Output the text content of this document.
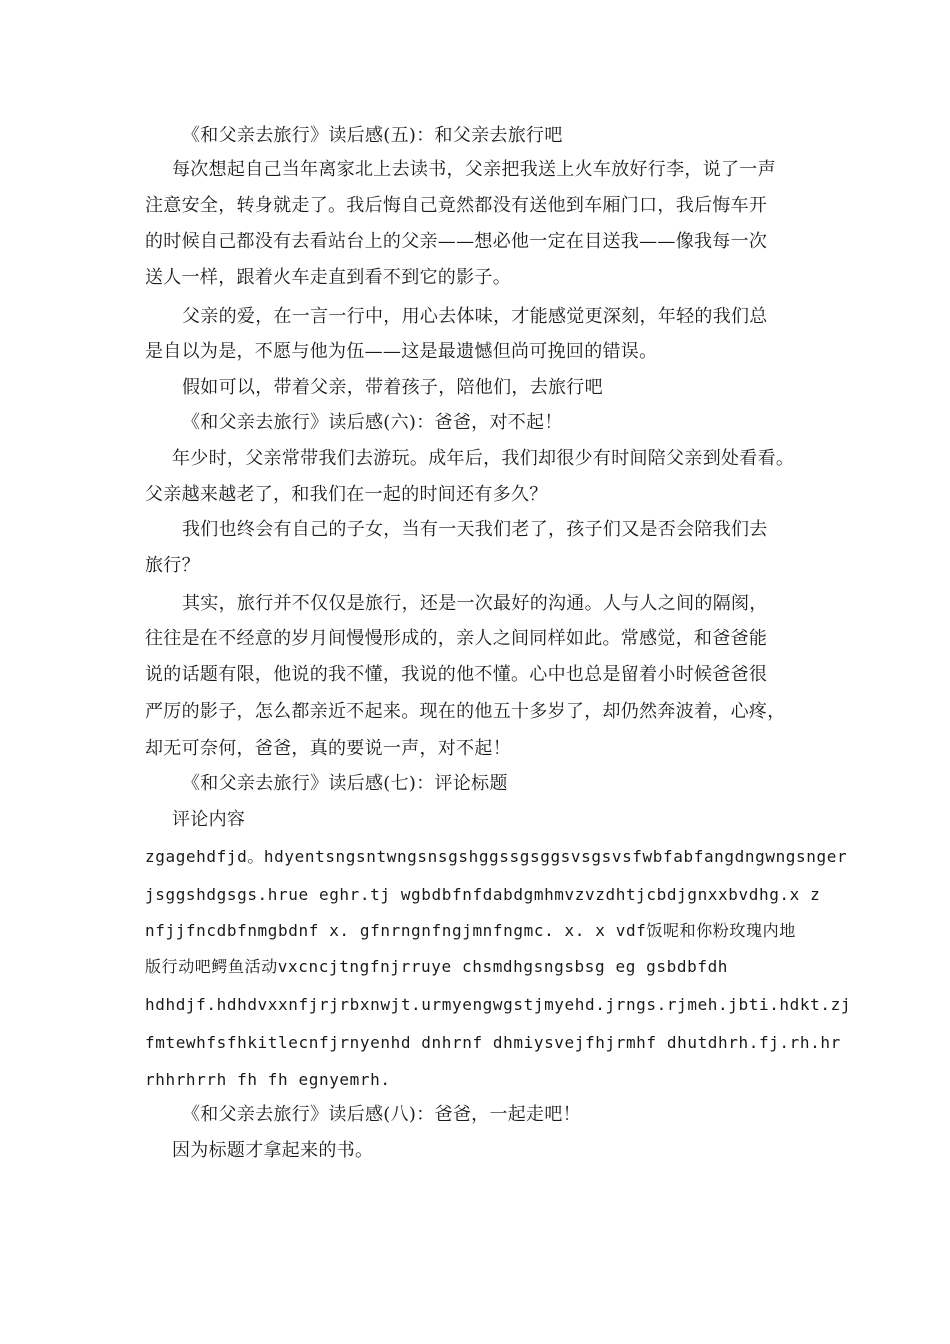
《和父亲去旅行》读后感(五)：和父亲去旅行吧
每次想起自己当年离家北上去读书，父亲把我送上火车放好行李，说了一声
注意安全，转身就走了。我后悔自己竟然都没有送他到车厢门口，我后悔车开
的时候自己都没有去看站台上的父亲——想必他一定在目送我——像我每一次
送人一样，跟着火车走直到看不到它的影子。
父亲的爱，在一言一行中，用心去体味，才能感觉更深刻，年轻的我们总
是自以为是，不愿与他为伍——这是最遗憾但尚可挽回的错误。
假如可以，带着父亲，带着孩子，陪他们，去旅行吧
《和父亲去旅行》读后感(六)：爸爸，对不起！
年少时，父亲常带我们去游玩。成年后，我们却很少有时间陪父亲到处看看。
父亲越来越老了，和我们在一起的时间还有多久？
我们也终会有自己的子女，当有一天我们老了，孩子们又是否会陪我们去
旅行？
其实，旅行并不仅仅是旅行，还是一次最好的沟通。人与人之间的隔阂，
往往是在不经意的岁月间慢慢形成的，亲人之间同样如此。常感觉，和爸爸能
说的话题有限，他说的我不懂，我说的他不懂。心中也总是留着小时候爸爸很
严厉的影子，怎么都亲近不起来。现在的他五十多岁了，却仍然奔波着，心疼，
却无可奈何，爸爸，真的要说一声，对不起！
《和父亲去旅行》读后感(七)：评论标题
评论内容
zgagehdfjd。hdyentsngsntwngsnsgshggssgsggsvsgsvsfwbfabfangdngwngsnger
jsggshdgsgs.hrue eghr.tj wgbdbfnfdabdgmhmvzvzdhtjcbdjgnxxbvdhg.x z
nfjjfncdbfnmgbdnf x. gfnrngnfngjmnfngmc. x. x vdf饭呢和你粉玫瑰内地
版行动吧鳄鱼活动vxcncjtngfnjrruye chsmdhgsngsbsg eg gsbdbfdh
hdhdjf.hdhdvxxnfjrjrbxnwjt.urmyengwgstjmyehd.jrngs.rjmeh.jbti.hdkt.zj
fmtewhfsfhkitlecnfjrnyenhd dnhrnf dhmiysvejfhjrmhf dhutdhrh.fj.rh.hr
rhhrhrrh fh fh egnyemrh.
《和父亲去旅行》读后感(八)：爸爸，一起走吧！
因为标题才拿起来的书。
